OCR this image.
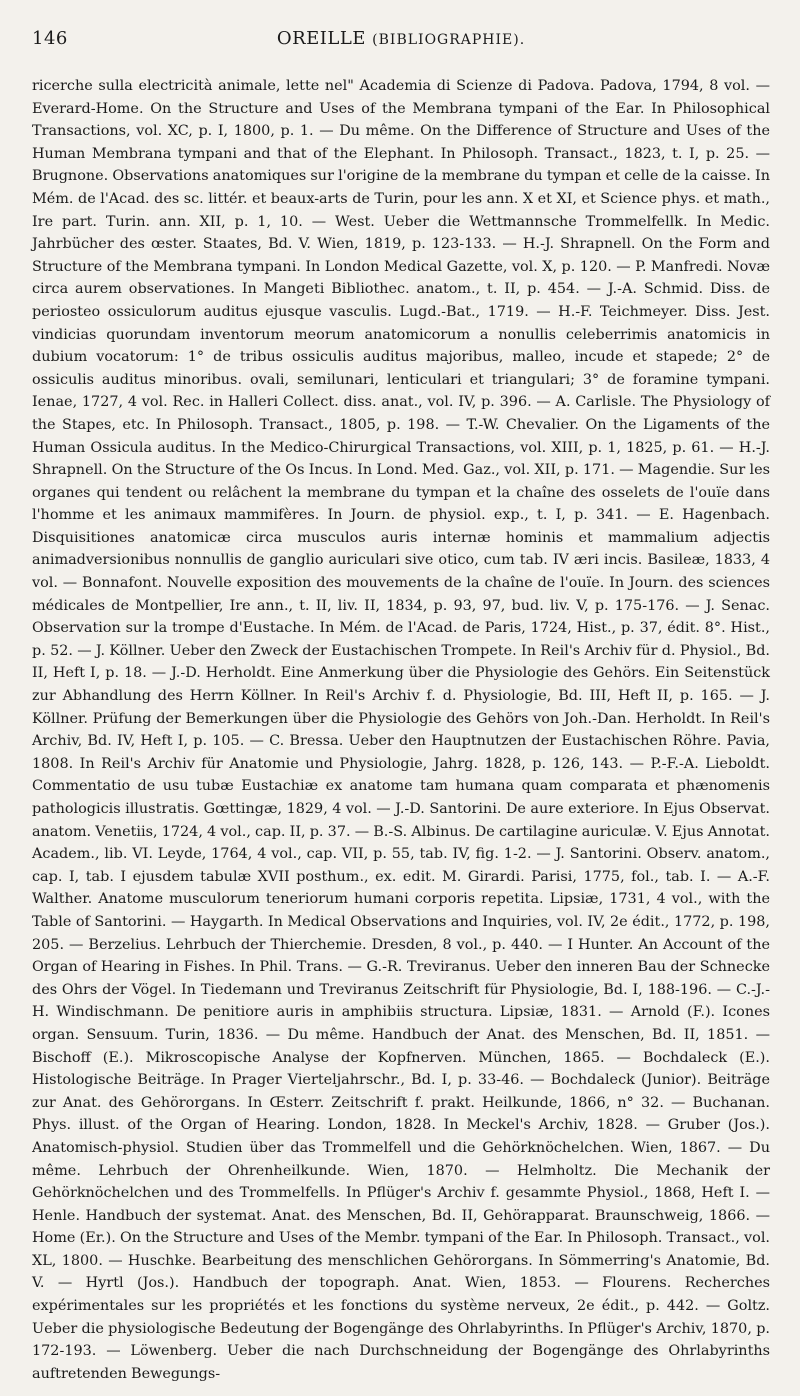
146	OREILLE (BIBLIOGRAPHIE).

ricerche sulla electricità animale, lette nel" Academia di Scienze di Padova. Padova, 1794, 8 vol. — Everard-Home. On the Structure and Uses of the Membrana tympani of the Ear. In Philosophical Transactions, vol. XC, p. I, 1800, p. 1. — Du même. On the Difference of Structure and Uses of the Human Membrana tympani and that of the Elephant. In Philosoph. Transact., 1823, t. I, p. 25. — Brugnone. Observations anatomiques sur l'origine de la membrane du tympan et celle de la caisse. In Mém. de l'Acad. des sc. littér. et beaux-arts de Turin, pour les ann. X et XI, et Science phys. et math., Ire part. Turin. ann. XII, p. 1, 10. — West. Ueber die Wettmannsche Trommelfellk. In Medic. Jahrbücher des œster. Staates, Bd. V. Wien, 1819, p. 123-133. — H.-J. Shrapnell. On the Form and Structure of the Membrana tympani. In London Medical Gazette, vol. X, p. 120. — P. Manfredi. Novæ circa aurem observationes. In Mangeti Bibliothec. anatom., t. II, p. 454. — J.-A. Schmid. Diss. de periosteo ossiculorum auditus ejusque vasculis. Lugd.-Bat., 1719. — H.-F. Teichmeyer. Diss. Jest. vindicias quorundam inventorum meorum anatomicorum a nonullis celeberrimis anatomicis in dubium vocatorum: 1° de tribus ossiculis auditus majoribus, malleo, incude et stapede; 2° de ossiculis auditus minoribus. ovali, semilunari, lenticulari et triangulari; 3° de foramine tympani. Ienae, 1727, 4 vol. Rec. in Halleri Collect. diss. anat., vol. IV, p. 396. — A. Carlisle. The Physiology of the Stapes, etc. In Philosoph. Transact., 1805, p. 198. — T.-W. Chevalier. On the Ligaments of the Human Ossicula auditus. In the Medico-Chirurgical Transactions, vol. XIII, p. 1, 1825, p. 61. — H.-J. Shrapnell. On the Structure of the Os Incus. In Lond. Med. Gaz., vol. XII, p. 171. — Magendie. Sur les organes qui tendent ou relâchent la membrane du tympan et la chaîne des osselets de l'ouïe dans l'homme et les animaux mammifères. In Journ. de physiol. exp., t. I, p. 341. — E. Hagenbach. Disquisitiones anatomicæ circa musculos auris internæ hominis et mammalium adjectis animadversionibus nonnullis de ganglio auriculari sive otico, cum tab. IV æri incis. Basileæ, 1833, 4 vol. — Bonnafont. Nouvelle exposition des mouvements de la chaîne de l'ouïe. In Journ. des sciences médicales de Montpellier, Ire ann., t. II, liv. II, 1834, p. 93, 97, bud. liv. V, p. 175-176. — J. Senac. Observation sur la trompe d'Eustache. In Mém. de l'Acad. de Paris, 1724, Hist., p. 37, édit. 8°. Hist., p. 52. — J. Köllner. Ueber den Zweck der Eustachischen Trompete. In Reil's Archiv für d. Physiol., Bd. II, Heft I, p. 18. — J.-D. Herholdt. Eine Anmerkung über die Physiologie des Gehörs. Ein Seitenstück zur Abhandlung des Herrn Köllner. In Reil's Archiv f. d. Physiologie, Bd. III, Heft II, p. 165. — J. Köllner. Prüfung der Bemerkungen über die Physiologie des Gehörs von Joh.-Dan. Herholdt. In Reil's Archiv, Bd. IV, Heft I, p. 105. — C. Bressa. Ueber den Hauptnutzen der Eustachischen Röhre. Pavia, 1808. In Reil's Archiv für Anatomie und Physiologie, Jahrg. 1828, p. 126, 143. — P.-F.-A. Lieboldt. Commentatio de usu tubæ Eustachiæ ex anatome tam humana quam comparata et phænomenis pathologicis illustratis. Gœttingæ, 1829, 4 vol. — J.-D. Santorini. De aure exteriore. In Ejus Observat. anatom. Venetiis, 1724, 4 vol., cap. II, p. 37. — B.-S. Albinus. De cartilagine auriculæ. V. Ejus Annotat. Academ., lib. VI. Leyde, 1764, 4 vol., cap. VII, p. 55, tab. IV, fig. 1-2. — J. Santorini. Observ. anatom., cap. I, tab. I ejusdem tabulæ XVII posthum., ex. edit. M. Girardi. Parisi, 1775, fol., tab. I. — A.-F. Walther. Anatome musculorum teneriorum humani corporis repetita. Lipsiæ, 1731, 4 vol., with the Table of Santorini. — Haygarth. In Medical Observations and Inquiries, vol. IV, 2e édit., 1772, p. 198, 205. — Berzelius. Lehrbuch der Thierchemie. Dresden, 8 vol., p. 440. — I Hunter. An Account of the Organ of Hearing in Fishes. In Phil. Trans. — G.-R. Treviranus. Ueber den inneren Bau der Schnecke des Ohrs der Vögel. In Tiedemann und Treviranus Zeitschrift für Physiologie, Bd. I, 188-196. — C.-J.-H. Windischmann. De penitiore auris in amphibiis structura. Lipsiæ, 1831. — Arnold (F.). Icones organ. Sensuum. Turin, 1836. — Du même. Handbuch der Anat. des Menschen, Bd. II, 1851. — Bischoff (E.). Mikroscopische Analyse der Kopfnerven. München, 1865. — Bochdaleck (E.). Histologische Beiträge. In Prager Vierteljahrschr., Bd. I, p. 33-46. — Bochdaleck (Junior). Beiträge zur Anat. des Gehörorgans. In Œsterr. Zeitschrift f. prakt. Heilkunde, 1866, n° 32. — Buchanan. Phys. illust. of the Organ of Hearing. London, 1828. In Meckel's Archiv, 1828. — Gruber (Jos.). Anatomisch-physiol. Studien über das Trommelfell und die Gehörknöchelchen. Wien, 1867. — Du même. Lehrbuch der Ohrenheilkunde. Wien, 1870. — Helmholtz. Die Mechanik der Gehörknöchelchen und des Trommelfells. In Pflüger's Archiv f. gesammte Physiol., 1868, Heft I. — Henle. Handbuch der systemat. Anat. des Menschen, Bd. II, Gehörapparat. Braunschweig, 1866. — Home (Er.). On the Structure and Uses of the Membr. tympani of the Ear. In Philosoph. Transact., vol. XL, 1800. — Huschke. Bearbeitung des menschlichen Gehörorgans. In Sömmerring's Anatomie, Bd. V. — Hyrtl (Jos.). Handbuch der topograph. Anat. Wien, 1853. — Flourens. Recherches expérimentales sur les propriétés et les fonctions du système nerveux, 2e édit., p. 442. — Goltz. Ueber die physiologische Bedeutung der Bogengänge des Ohrlabyrinths. In Pflüger's Archiv, 1870, p. 172-193. — Löwenberg. Ueber die nach Durchschneidung der Bogengänge des Ohrlabyrinths auftretenden Bewegungs-
